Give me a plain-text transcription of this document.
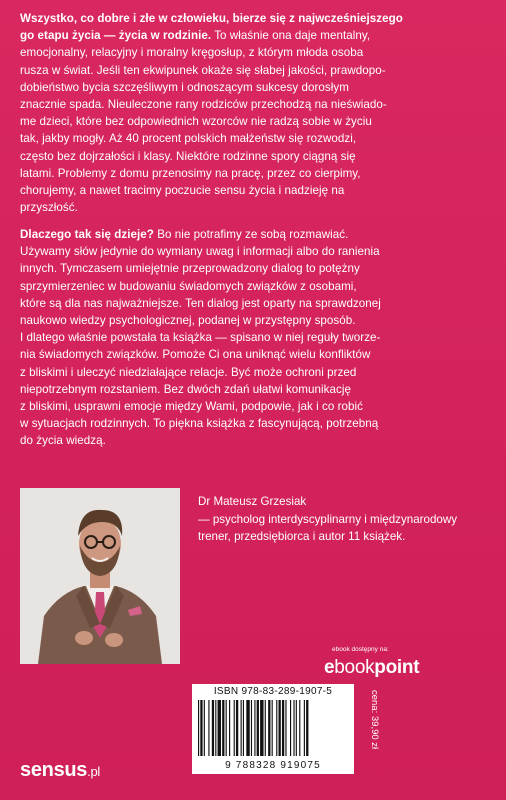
Wszystko, co dobre i złe w człowieku, bierze się z najwcześniejszego
go etapu życia — życia w rodzinie. To właśnie ona daje mentalny,
emocjonalny, relacyjny i moralny kręgosłup, z którym młoda osoba
rusza w świat. Jeśli ten ekwipunek okaże się słabej jakości, prawdopo-
dobieństwo bycia szczęśliwym i odnoszącym sukcesy dorosłym
znacznie spada. Nieuleczone rany rodziców przechodzą na nieświado-
me dzieci, które bez odpowiednich wzorców nie radzą sobie w życiu
tak, jakby mogły. Aż 40 procent polskich małżeństw się rozwodzi,
często bez dojrzałości i klasy. Niektóre rodzinne spory ciągną się
latami. Problemy z domu przenosimy na pracę, przez co cierpimy,
chorujemy, a nawet tracimy poczucie sensu życia i nadzieję na
przyszłość.

Dlaczego tak się dzieje? Bo nie potrafimy ze sobą rozmawiać.
Używamy słów jedynie do wymiany uwag i informacji albo do ranienia
innych. Tymczasem umiejętnie przeprowadzony dialog to potężny
sprzymierzeniec w budowaniu świadomych związków z osobami,
które są dla nas najważniejsze. Ten dialog jest oparty na sprawdzonej
naukowo wiedzy psychologicznej, podanej w przystępny sposób.
I dlatego właśnie powstała ta książka — spisano w niej reguły tworze-
nia świadomych związków. Pomoże Ci ona uniknąć wielu konfliktów
z bliskimi i uleczyć niedziałające relacje. Być może ochroni przed
niepotrzebnym rozstaniem. Bez dwóch zdań ułatwi komunikację
z bliskimi, usprawni emocje między Wami, podpowie, jak i co robić
w sytuacjach rodzinnych. To piękna książka z fascynującą, potrzebną
do życia wiedzą.

Dr Mateusz Grzesiak

— psycholog interdyscyplinarny i międzynarodowy
trener, przedsiębiorca i autor 11 książek.

ebook dostępny na:
ebookpoint
ISBN 978-83-289-1907-5
9 788328 919075
cena: 39,90 zł
sensus.pl
